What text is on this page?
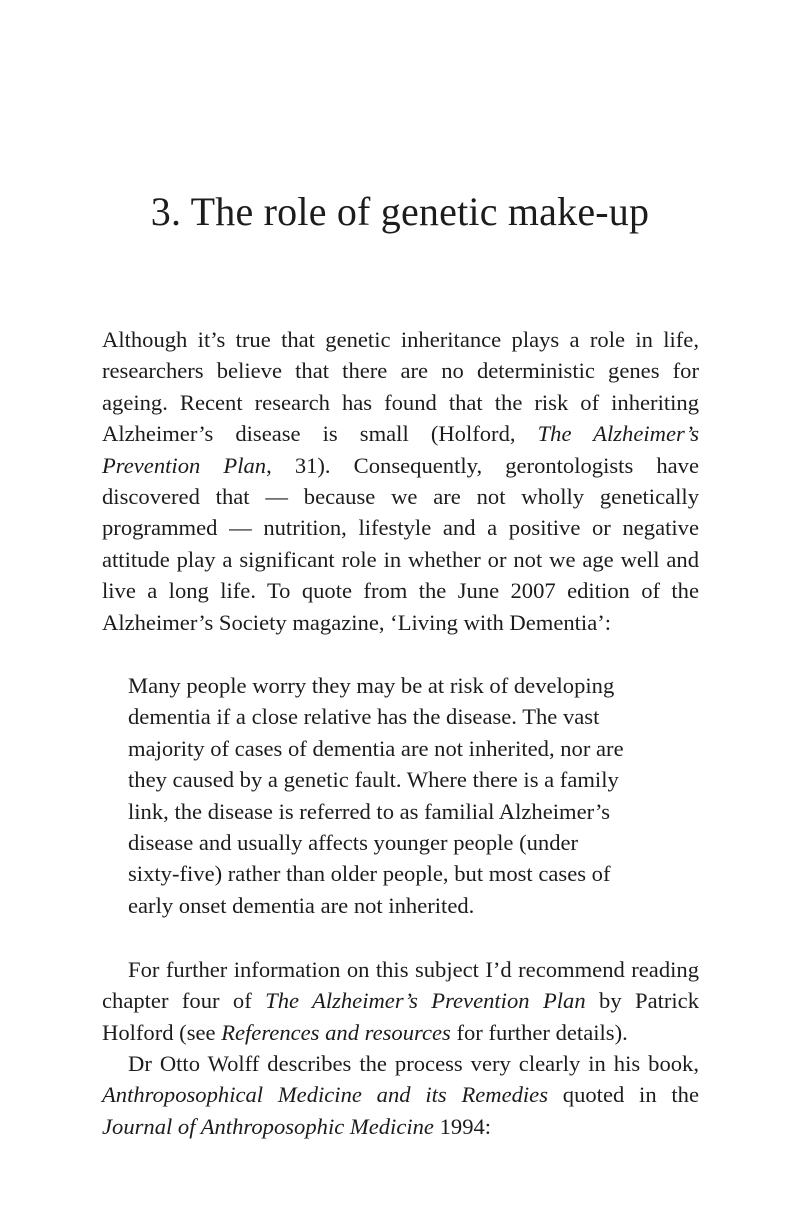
3. The role of genetic make-up

Although it’s true that genetic inheritance plays a role in life, researchers believe that there are no deterministic genes for ageing. Recent research has found that the risk of inheriting Alzheimer’s disease is small (Holford, The Alzheimer’s Prevention Plan, 31). Consequently, gerontologists have discovered that — because we are not wholly genetically programmed — nutrition, lifestyle and a positive or negative attitude play a significant role in whether or not we age well and live a long life. To quote from the June 2007 edition of the Alzheimer’s Society magazine, ‘Living with Dementia’:

Many people worry they may be at risk of developing
dementia if a close relative has the disease. The vast
majority of cases of dementia are not inherited, nor are
they caused by a genetic fault. Where there is a family
link, the disease is referred to as familial Alzheimer’s
disease and usually affects younger people (under
sixty-five) rather than older people, but most cases of
early onset dementia are not inherited.

For further information on this subject I’d recommend reading chapter four of The Alzheimer’s Prevention Plan by Patrick Holford (see References and resources for further details).

Dr Otto Wolff describes the process very clearly in his book, Anthroposophical Medicine and its Remedies quoted in the Journal of Anthroposophic Medicine 1994:
